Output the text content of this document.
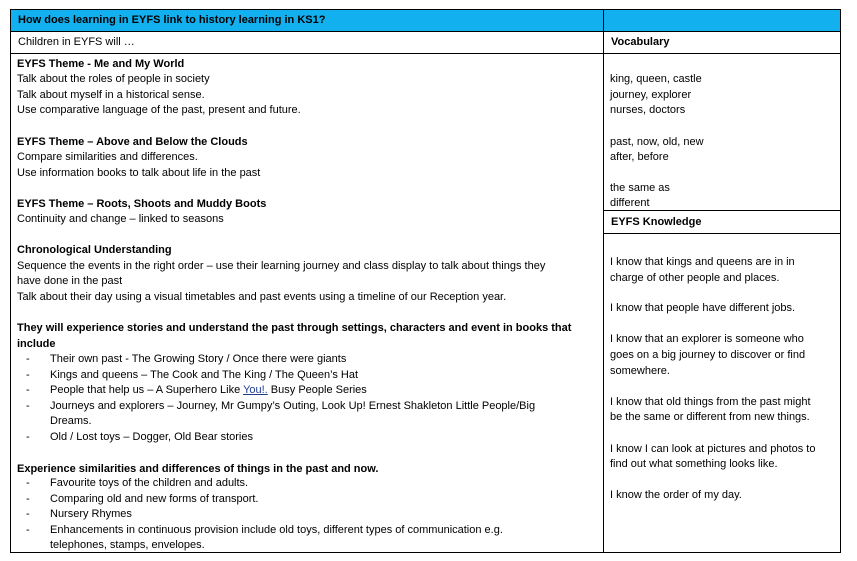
How does learning in EYFS link to history learning in KS1?
Children in EYFS will …	Vocabulary
EYFS Knowledge
EYFS Theme - Me and My World
Talk about the roles of people in society
Talk about myself in a historical sense.
Use comparative language of the past, present and future.
EYFS Theme – Above and Below the Clouds
Compare similarities and differences.
Use information books to talk about life in the past
EYFS Theme – Roots, Shoots and Muddy Boots
Continuity and change – linked to seasons
Chronological Understanding
Sequence the events in the right order – use their learning journey and class display to talk about things they
have done in the past
Talk about their day using a visual timetables and past events using a timeline of our Reception year.
They will experience stories and understand the past through settings, characters and event in books that
include
- Their own past - The Growing Story / Once there were giants
- Kings and queens – The Cook and The King / The Queen’s Hat
- People that help us – A Superhero Like You!. Busy People Series
- Journeys and explorers – Journey, Mr Gumpy’s Outing, Look Up! Ernest Shakleton Little People/Big
Dreams.
- Old / Lost toys – Dogger, Old Bear stories
Experience similarities and differences of things in the past and now.
- Favourite toys of the children and adults.
- Comparing old and new forms of transport.
- Nursery Rhymes
- Enhancements in continuous provision include old toys, different types of communication e.g.
telephones, stamps, envelopes.
king, queen, castle
journey, explorer
nurses, doctors
past, now, old, new
after, before
the same as
different
I know that kings and queens are in in
charge of other people and places.
I know that people have different jobs.
I know that an explorer is someone who
goes on a big journey to discover or find
somewhere.
I know that old things from the past might
be the same or different from new things.
I know I can look at pictures and photos to
find out what something looks like.
I know the order of my day.
